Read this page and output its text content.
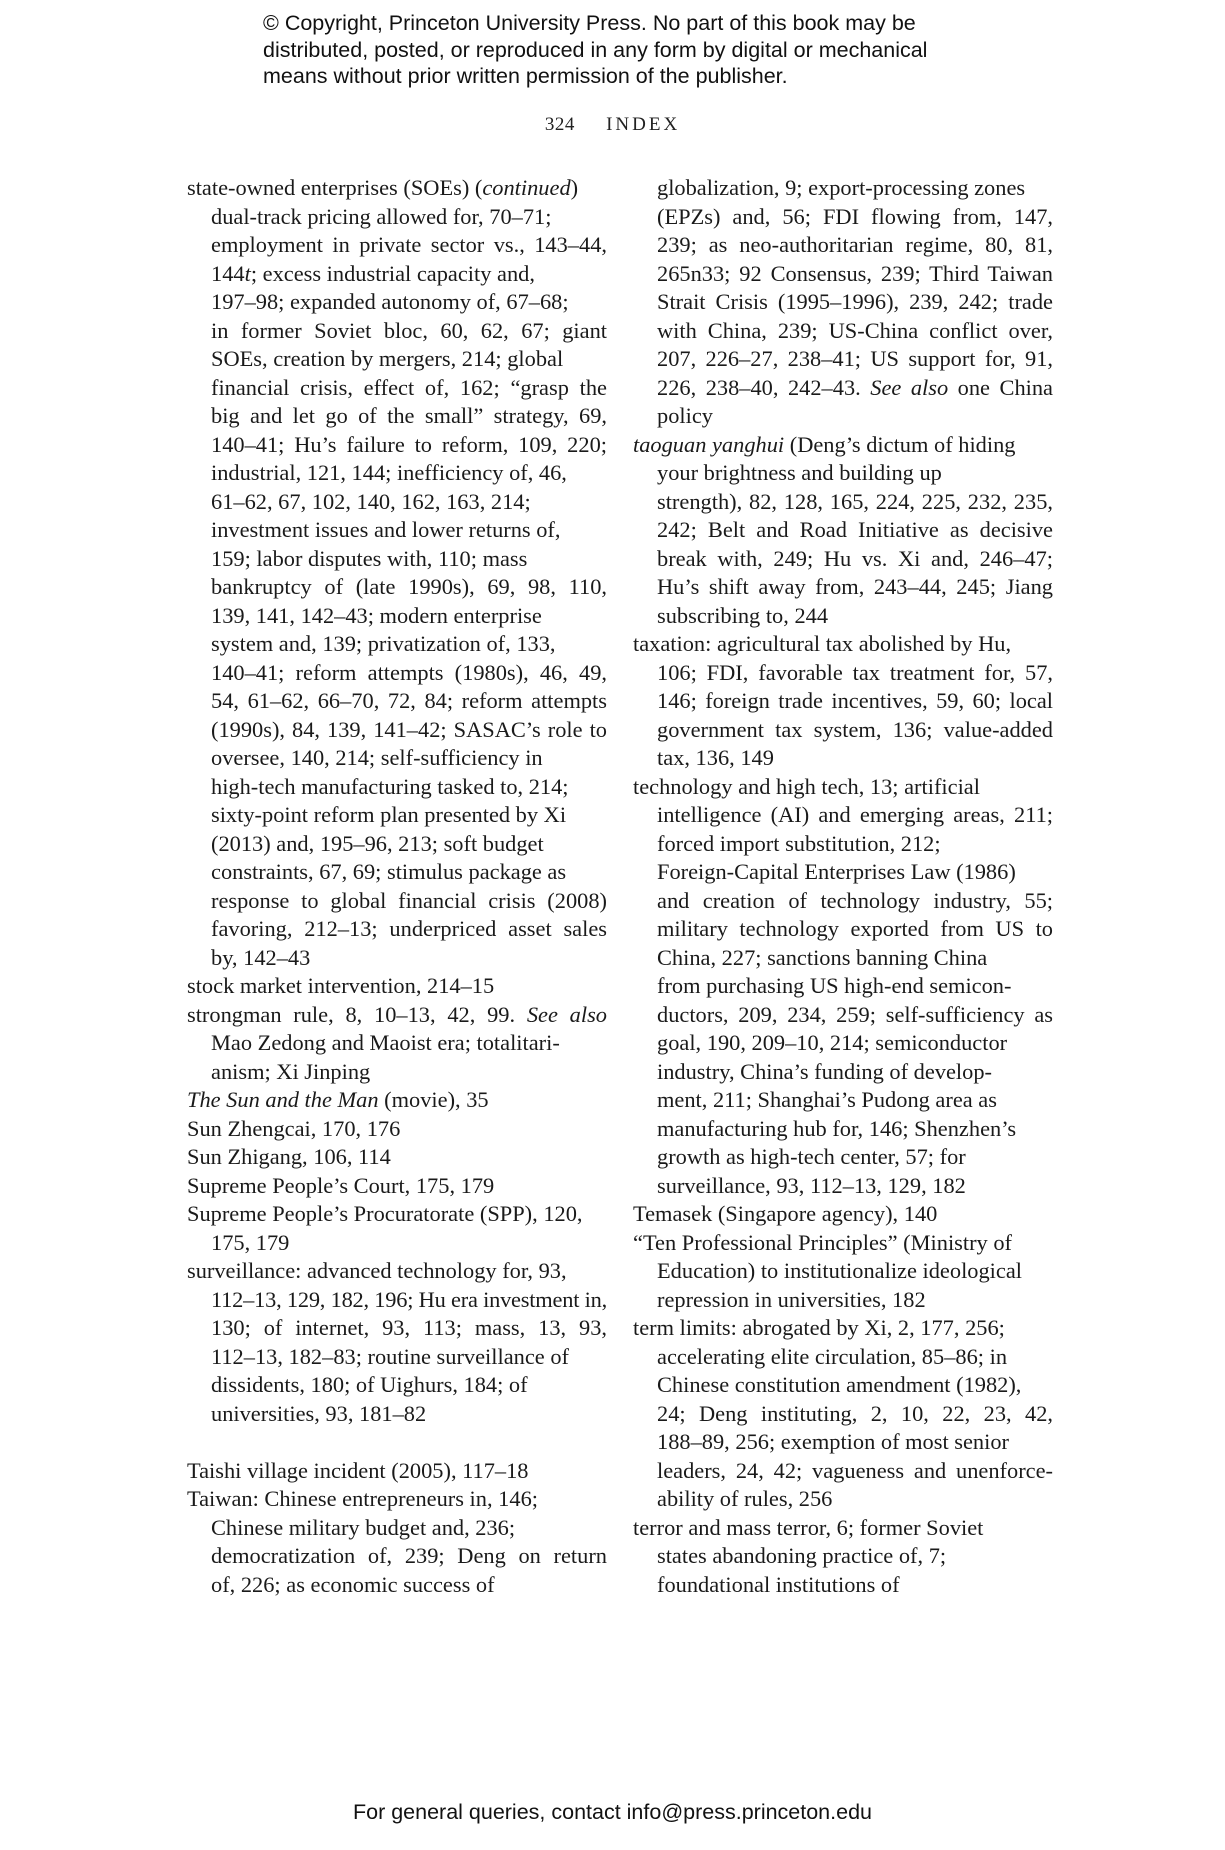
© Copyright, Princeton University Press. No part of this book may be
distributed, posted, or reproduced in any form by digital or mechanical
means without prior written permission of the publisher.
324 INDEX
state-owned enterprises (SOEs) (continued)
dual-track pricing allowed for, 70–71;
employment in private sector vs., 143–44,
144t; excess industrial capacity and,
197–98; expanded autonomy of, 67–68;
in former Soviet bloc, 60, 62, 67; giant
SOEs, creation by mergers, 214; global
financial crisis, effect of, 162; “grasp the
big and let go of the small” strategy, 69,
140–41; Hu’s failure to reform, 109, 220;
industrial, 121, 144; inefficiency of, 46,
61–62, 67, 102, 140, 162, 163, 214;
investment issues and lower returns of,
159; labor disputes with, 110; mass
bankruptcy of (late 1990s), 69, 98, 110,
139, 141, 142–43; modern enterprise
system and, 139; privatization of, 133,
140–41; reform attempts (1980s), 46, 49,
54, 61–62, 66–70, 72, 84; reform attempts
(1990s), 84, 139, 141–42; SASAC’s role to
oversee, 140, 214; self-sufficiency in
high-tech manufacturing tasked to, 214;
sixty-point reform plan presented by Xi
(2013) and, 195–96, 213; soft budget
constraints, 67, 69; stimulus package as
response to global financial crisis (2008)
favoring, 212–13; underpriced asset sales
by, 142–43
stock market intervention, 214–15
strongman rule, 8, 10–13, 42, 99. See also
Mao Zedong and Maoist era; totalitari-
anism; Xi Jinping
The Sun and the Man (movie), 35
Sun Zhengcai, 170, 176
Sun Zhigang, 106, 114
Supreme People’s Court, 175, 179
Supreme People’s Procuratorate (SPP), 120,
175, 179
surveillance: advanced technology for, 93,
112–13, 129, 182, 196; Hu era investment in,
130; of internet, 93, 113; mass, 13, 93,
112–13, 182–83; routine surveillance of
dissidents, 180; of Uighurs, 184; of
universities, 93, 181–82
Taishi village incident (2005), 117–18
Taiwan: Chinese entrepreneurs in, 146;
Chinese military budget and, 236;
democratization of, 239; Deng on return
of, 226; as economic success of
globalization, 9; export-processing zones
(EPZs) and, 56; FDI flowing from, 147,
239; as neo-authoritarian regime, 80, 81,
265n33; 92 Consensus, 239; Third Taiwan
Strait Crisis (1995–1996), 239, 242; trade
with China, 239; US-China conflict over,
207, 226–27, 238–41; US support for, 91,
226, 238–40, 242–43. See also one China
policy
taoguan yanghui (Deng’s dictum of hiding
your brightness and building up
strength), 82, 128, 165, 224, 225, 232, 235,
242; Belt and Road Initiative as decisive
break with, 249; Hu vs. Xi and, 246–47;
Hu’s shift away from, 243–44, 245; Jiang
subscribing to, 244
taxation: agricultural tax abolished by Hu,
106; FDI, favorable tax treatment for, 57,
146; foreign trade incentives, 59, 60; local
government tax system, 136; value-added
tax, 136, 149
technology and high tech, 13; artificial
intelligence (AI) and emerging areas, 211;
forced import substitution, 212;
Foreign-Capital Enterprises Law (1986)
and creation of technology industry, 55;
military technology exported from US to
China, 227; sanctions banning China
from purchasing US high-end semicon-
ductors, 209, 234, 259; self-sufficiency as
goal, 190, 209–10, 214; semiconductor
industry, China’s funding of develop-
ment, 211; Shanghai’s Pudong area as
manufacturing hub for, 146; Shenzhen’s
growth as high-tech center, 57; for
surveillance, 93, 112–13, 129, 182
Temasek (Singapore agency), 140
“Ten Professional Principles” (Ministry of
Education) to institutionalize ideological
repression in universities, 182
term limits: abrogated by Xi, 2, 177, 256;
accelerating elite circulation, 85–86; in
Chinese constitution amendment (1982),
24; Deng instituting, 2, 10, 22, 23, 42,
188–89, 256; exemption of most senior
leaders, 24, 42; vagueness and unenforce-
ability of rules, 256
terror and mass terror, 6; former Soviet
states abandoning practice of, 7;
foundational institutions of
For general queries, contact info@press.princeton.edu
